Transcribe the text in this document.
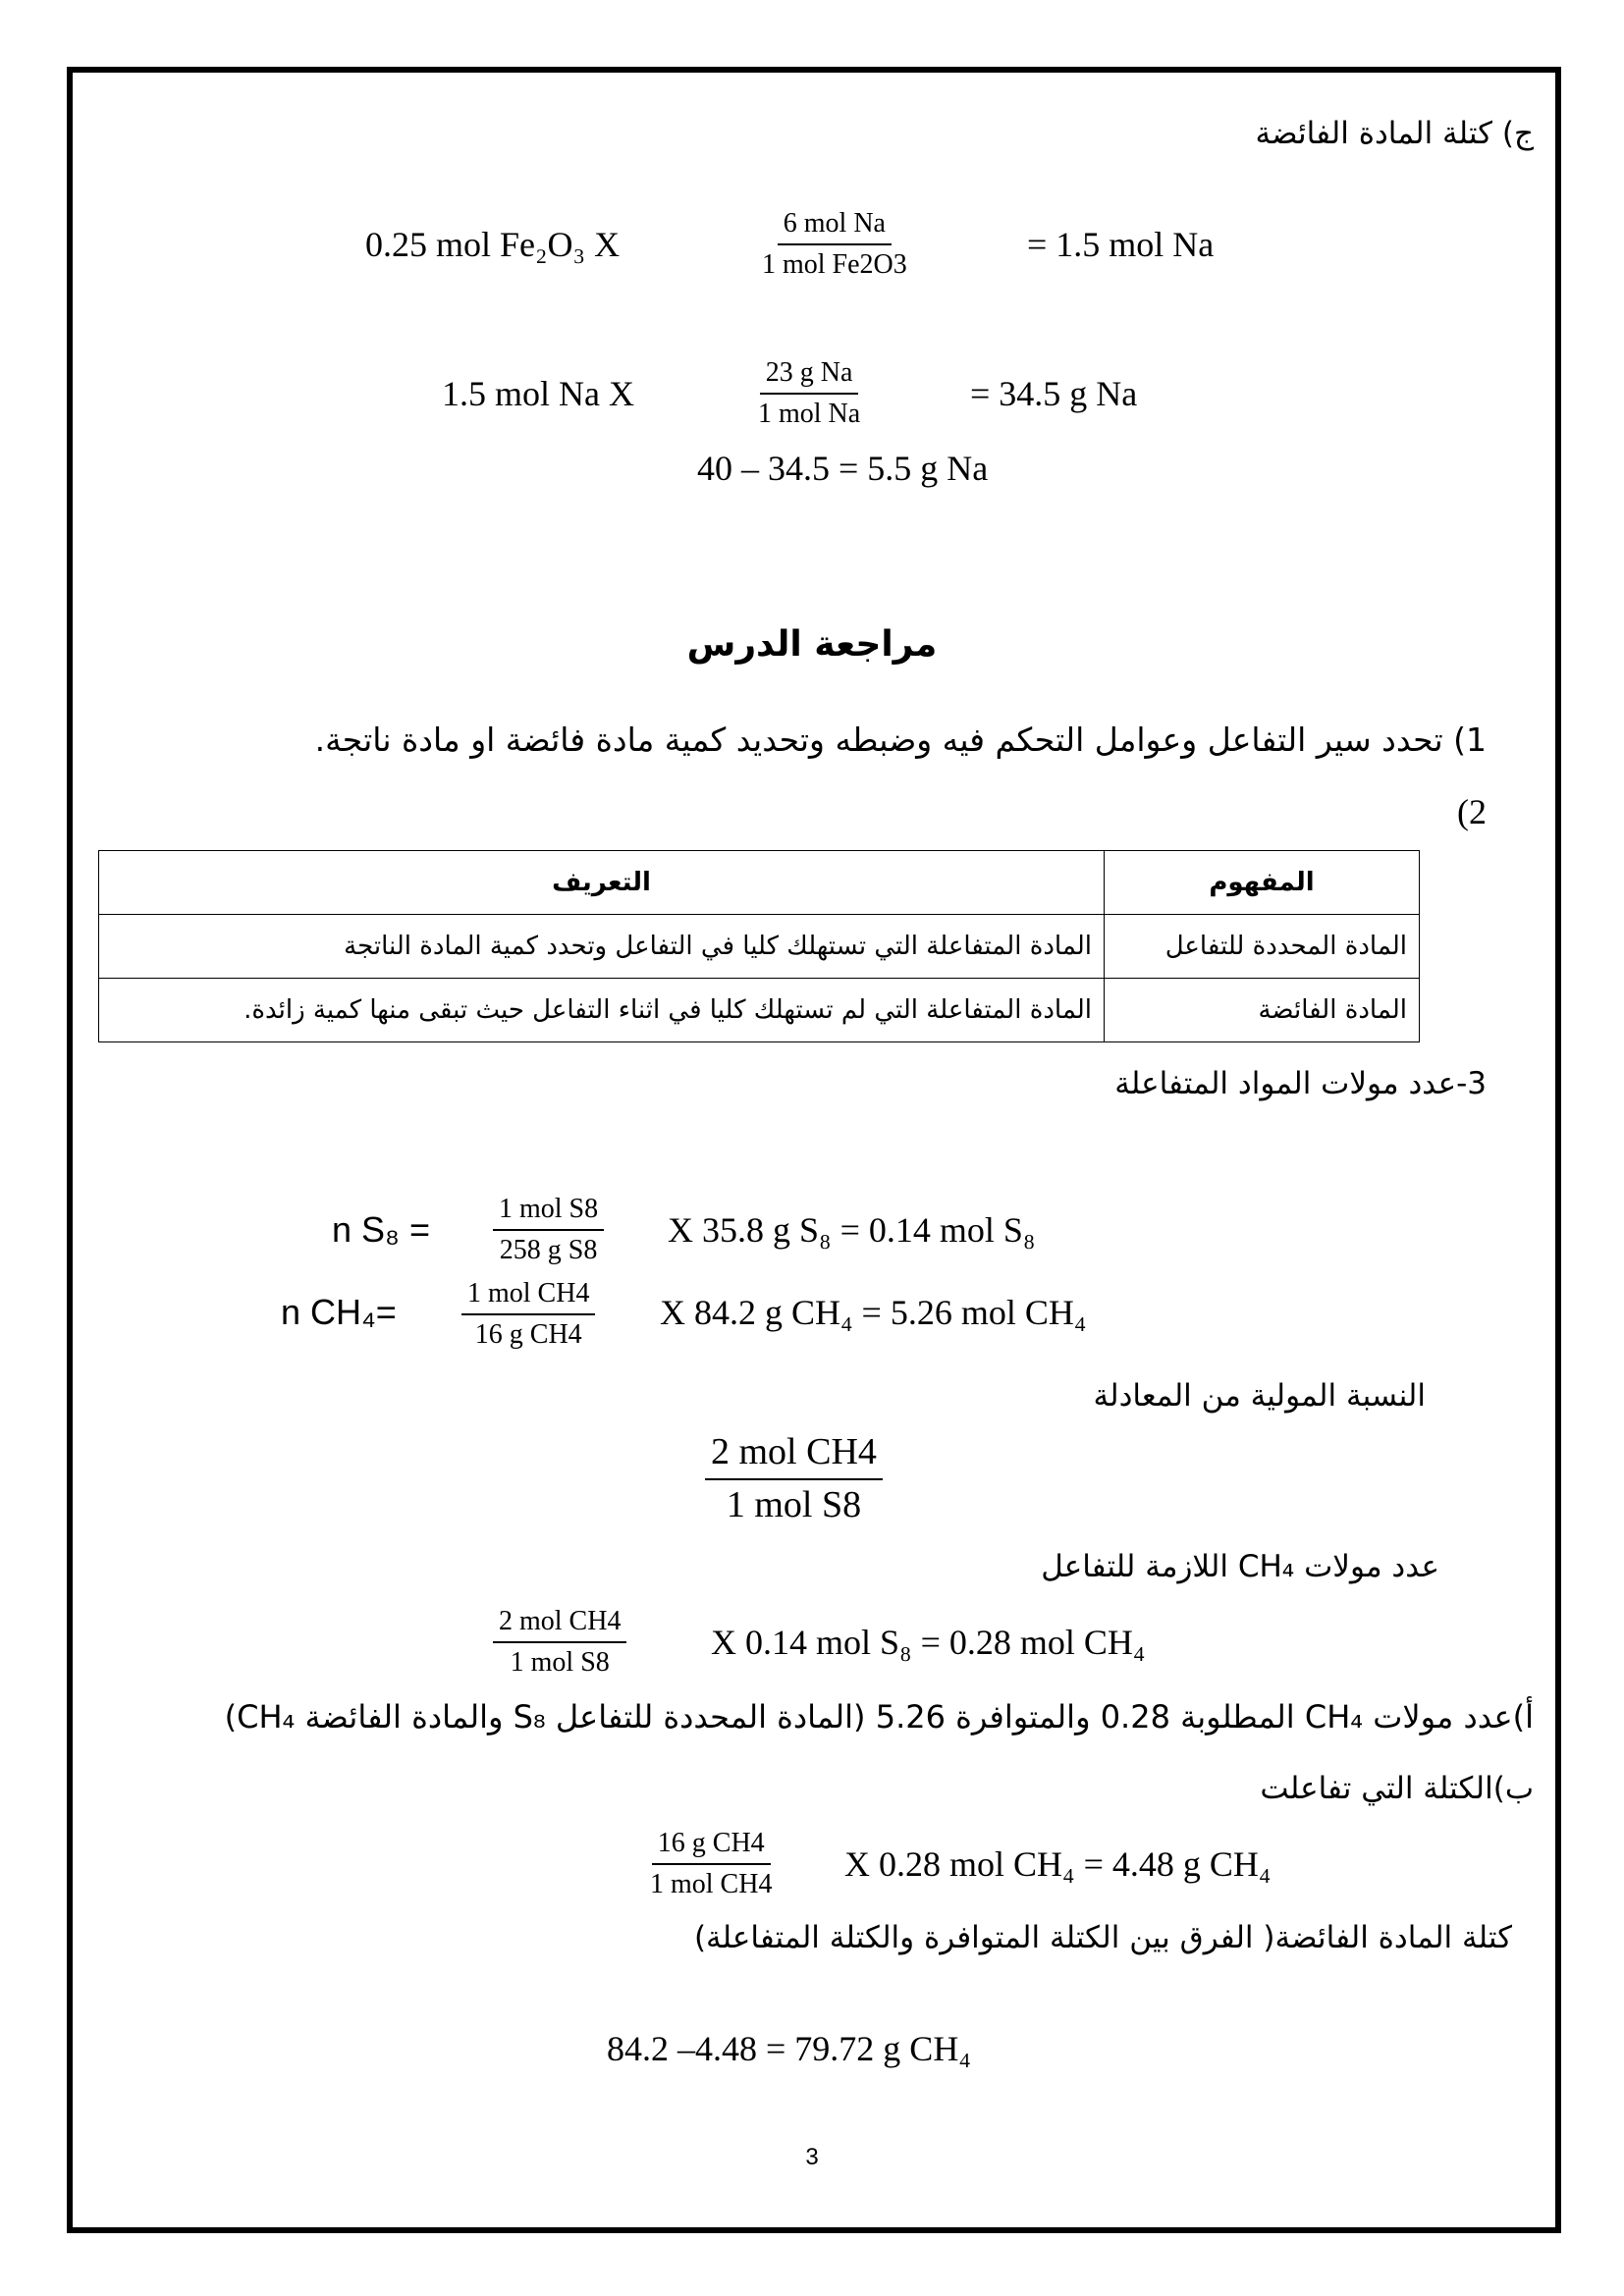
ج) كتلة المادة الفائضة
0.25 mol Fe₂O₃ X
6 mol Na
1 mol Fe2O3
= 1.5 mol Na
1.5 mol Na X
23 g Na
1 mol Na
= 34.5 g Na
40 – 34.5 = 5.5 g Na
مراجعة الدرس
1) تحدد سير التفاعل وعوامل التحكم فيه وضبطه وتحديد كمية مادة فائضة او مادة ناتجة.
2)
المفهوم	التعريف
المادة المحددة للتفاعل	المادة المتفاعلة التي تستهلك كليا في التفاعل وتحدد كمية المادة الناتجة
المادة الفائضة	المادة المتفاعلة التي لم تستهلك كليا في اثناء التفاعل حيث تبقى منها كمية زائدة.
3-عدد مولات المواد المتفاعلة
n S₈ =
1 mol S8
258 g S8
X 35.8 g S₈ = 0.14 mol S₈
n CH₄=	1 mol CH4
16 g CH4
X 84.2 g CH₄ = 5.26 mol CH₄
النسبة المولية من المعادلة
2 mol CH4
1 mol S8
عدد مولات CH₄ اللازمة للتفاعل
2 mol CH4
1 mol S8
X 0.14 mol S₈ = 0.28 mol CH₄
أ)عدد مولات CH₄ المطلوبة 0.28 والمتوافرة 5.26 (المادة المحددة للتفاعل S₈ والمادة الفائضة CH₄)
ب)الكتلة التي تفاعلت
16 g CH4
1 mol CH4
X 0.28 mol CH₄ = 4.48 g CH₄
كتلة المادة الفائضة( الفرق بين الكتلة المتوافرة والكتلة المتفاعلة)
84.2 –4.48 = 79.72 g CH₄
3
